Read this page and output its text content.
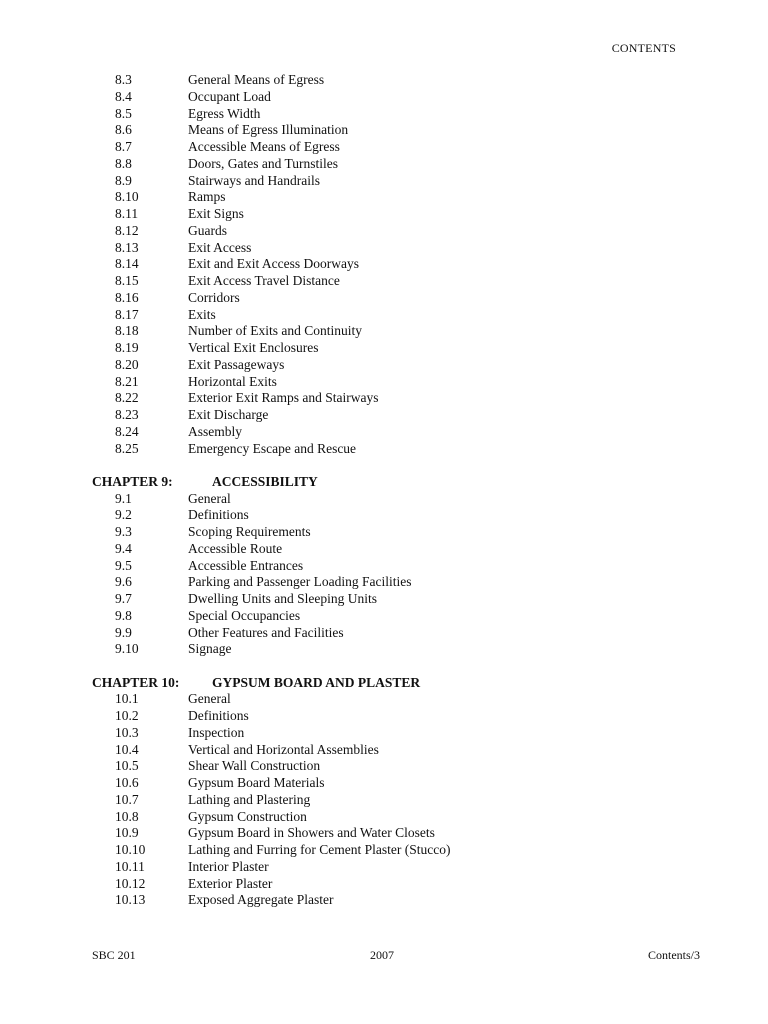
CONTENTS
8.3	General Means of Egress
8.4	Occupant Load
8.5	Egress Width
8.6	Means of Egress Illumination
8.7	Accessible Means of Egress
8.8	Doors, Gates and Turnstiles
8.9	Stairways and Handrails
8.10	Ramps
8.11	Exit Signs
8.12	Guards
8.13	Exit Access
8.14	Exit and Exit Access Doorways
8.15	Exit Access Travel Distance
8.16	Corridors
8.17	Exits
8.18	Number of Exits and Continuity
8.19	Vertical Exit Enclosures
8.20	Exit Passageways
8.21	Horizontal Exits
8.22	Exterior Exit Ramps and Stairways
8.23	Exit Discharge
8.24	Assembly
8.25	Emergency Escape and Rescue
CHAPTER 9:	ACCESSIBILITY
9.1	General
9.2	Definitions
9.3	Scoping Requirements
9.4	Accessible Route
9.5	Accessible Entrances
9.6	Parking and Passenger Loading Facilities
9.7	Dwelling Units and Sleeping Units
9.8	Special Occupancies
9.9	Other Features and Facilities
9.10	Signage
CHAPTER 10: GYPSUM BOARD AND PLASTER
10.1	General
10.2	Definitions
10.3	Inspection
10.4	Vertical and Horizontal Assemblies
10.5	Shear Wall Construction
10.6	Gypsum Board Materials
10.7	Lathing and Plastering
10.8	Gypsum Construction
10.9	Gypsum Board in Showers and Water Closets
10.10	Lathing and Furring for Cement Plaster (Stucco)
10.11	Interior Plaster
10.12	Exterior Plaster
10.13	Exposed Aggregate Plaster
SBC 201	2007	Contents/3
